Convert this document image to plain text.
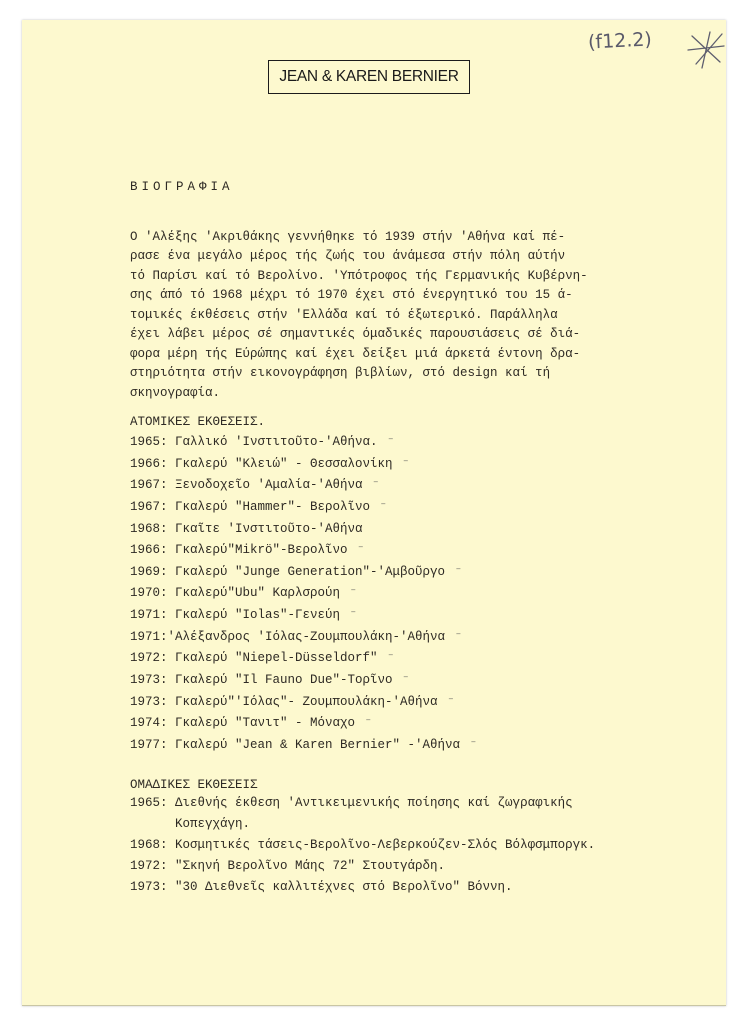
(f12.2)
JEAN & KAREN BERNIER
ΒΙΟΓΡΑΦΙΑ

Ο 'Αλέξης 'Ακριθάκης γεννήθηκε τό 1939 στήν 'Αθήνα καί πέ-
ρασε ένα μεγάλο μέρος τής ζωής του άνάμεσα στήν πόλη αύτήν
τό Παρίσι καί τό Βερολίνο. 'Υπότροφος τής Γερμανικής Κυβέρνη-
σης άπό τό 1968 μέχρι τό 1970 έχει στό ένεργητικό του 15 ά-
τομικές έκθέσεις στήν 'Ελλάδα καί τό έξωτερικό. Παράλληλα
έχει λάβει μέρος σέ σημαντικές όμαδικές παρουσιάσεις σέ διά-
φορα μέρη τής Εύρώπης καί έχει δείξει μιά άρκετά έντονη δρα-
στηριότητα στήν εικονογράφηση βιβλίων, στό design καί τή
σκηνογραφία.

ΑΤΟΜΙΚΕΣ ΕΚΘΕΣΕΙΣ.
1965: Γαλλικό 'Ινστιτοῦτο-'Αθήνα. ⁻
1966: Γκαλερύ "Κλειώ" - Θεσσαλονίκη ⁻
1967: Ξενοδοχεῖο 'Αμαλία-'Αθήνα ⁻
1967: Γκαλερύ "Hammer"- Βερολῖνο ⁻
1968: Γκαῖτε 'Ινστιτοῦτο-'Αθήνα
1966: Γκαλερύ"Mikrö"-Βερολῖνο ⁻
1969: Γκαλερύ "Junge Generation"-'Αμβοῦργο ⁻
1970: Γκαλερύ"Ubu" Καρλσρούη ⁻
1971: Γκαλερύ "Iolas"-Γενεύη ⁻
1971:'Αλέξανδρος 'Ιόλας-Ζουμπουλάκη-'Αθήνα ⁻
1972: Γκαλερύ "Niepel-Düsseldorf" ⁻
1973: Γκαλερύ "Il Fauno Due"-Τορῖνο ⁻
1973: Γκαλερύ"'Ιόλας"- Ζουμπουλάκη-'Αθήνα ⁻
1974: Γκαλερύ "Τανιτ" - Μόναχο ⁻
1977: Γκαλερύ "Jean & Karen Bernier" -'Αθήνα ⁻
ΟΜΑΔΙΚΕΣ ΕΚΘΕΣΕΙΣ
1965: Διεθνής έκθεση 'Αντικειμενικής ποίησης καί ζωγραφικής
Κοπεγχάγη.
1968: Κοσμητικές τάσεις-Βερολῖνο-Λεβερκούζεν-Σλός Βόλφσμποργκ.
1972: "Σκηνή Βερολῖνο Μάης 72" Στουτγάρδη.
1973: "30 Διεθνεῖς καλλιτέχνες στό Βερολῖνο" Βόννη.
